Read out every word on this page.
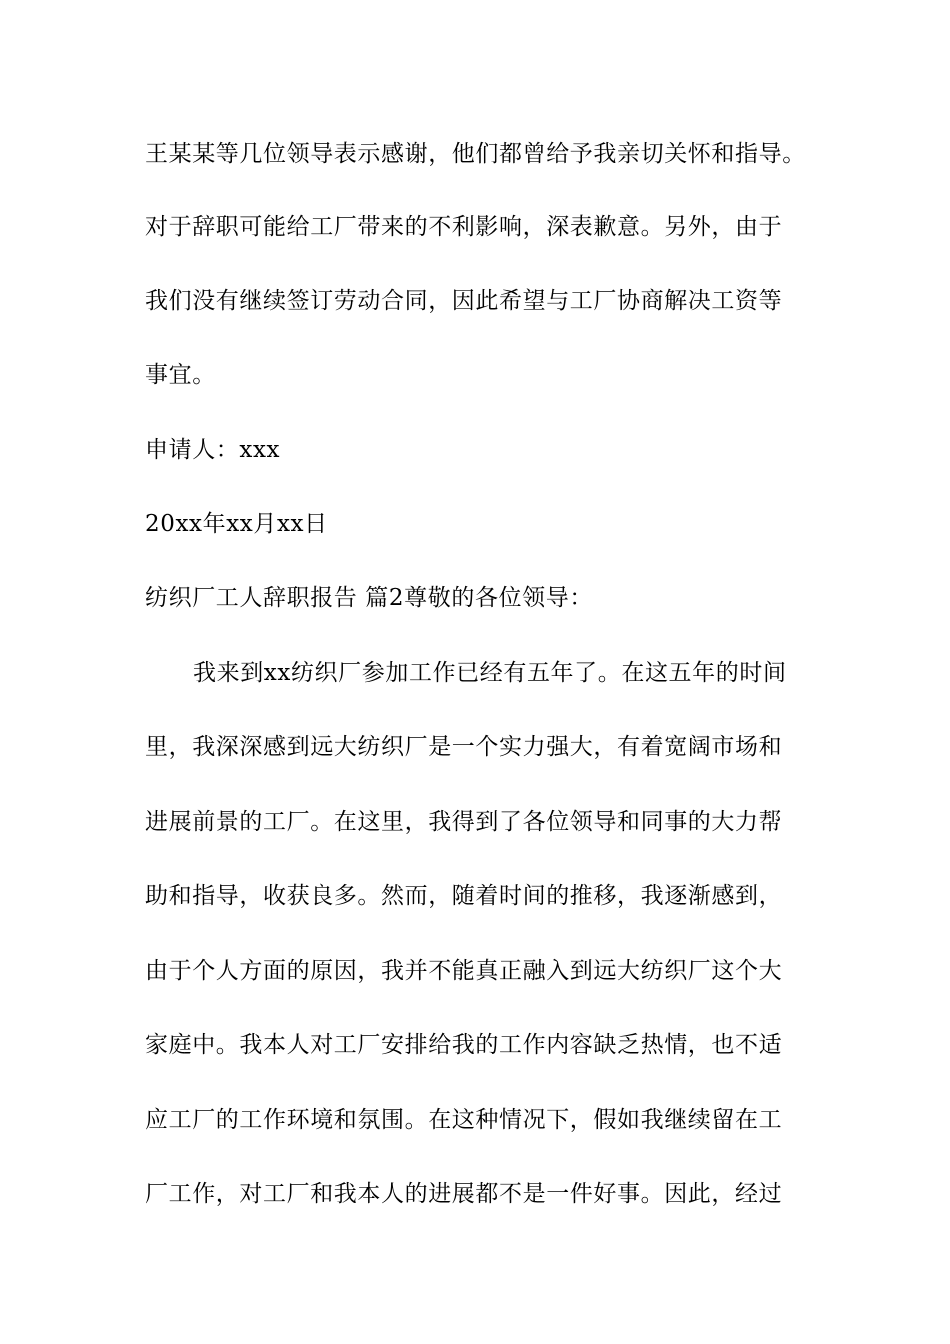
王某某等几位领导表示感谢，他们都曾给予我亲切关怀和指导。
对于辞职可能给工厂带来的不利影响，深表歉意。另外，由于
我们没有继续签订劳动合同，因此希望与工厂协商解决工资等
事宜。
申请人：xxx
20xx年xx月xx日
纺织厂工人辞职报告 篇2尊敬的各位领导：
我来到xx纺织厂参加工作已经有五年了。在这五年的时间
里，我深深感到远大纺织厂是一个实力强大，有着宽阔市场和
进展前景的工厂。在这里，我得到了各位领导和同事的大力帮
助和指导，收获良多。然而，随着时间的推移，我逐渐感到，
由于个人方面的原因，我并不能真正融入到远大纺织厂这个大
家庭中。我本人对工厂安排给我的工作内容缺乏热情，也不适
应工厂的工作环境和氛围。在这种情况下，假如我继续留在工
厂工作，对工厂和我本人的进展都不是一件好事。因此，经过
